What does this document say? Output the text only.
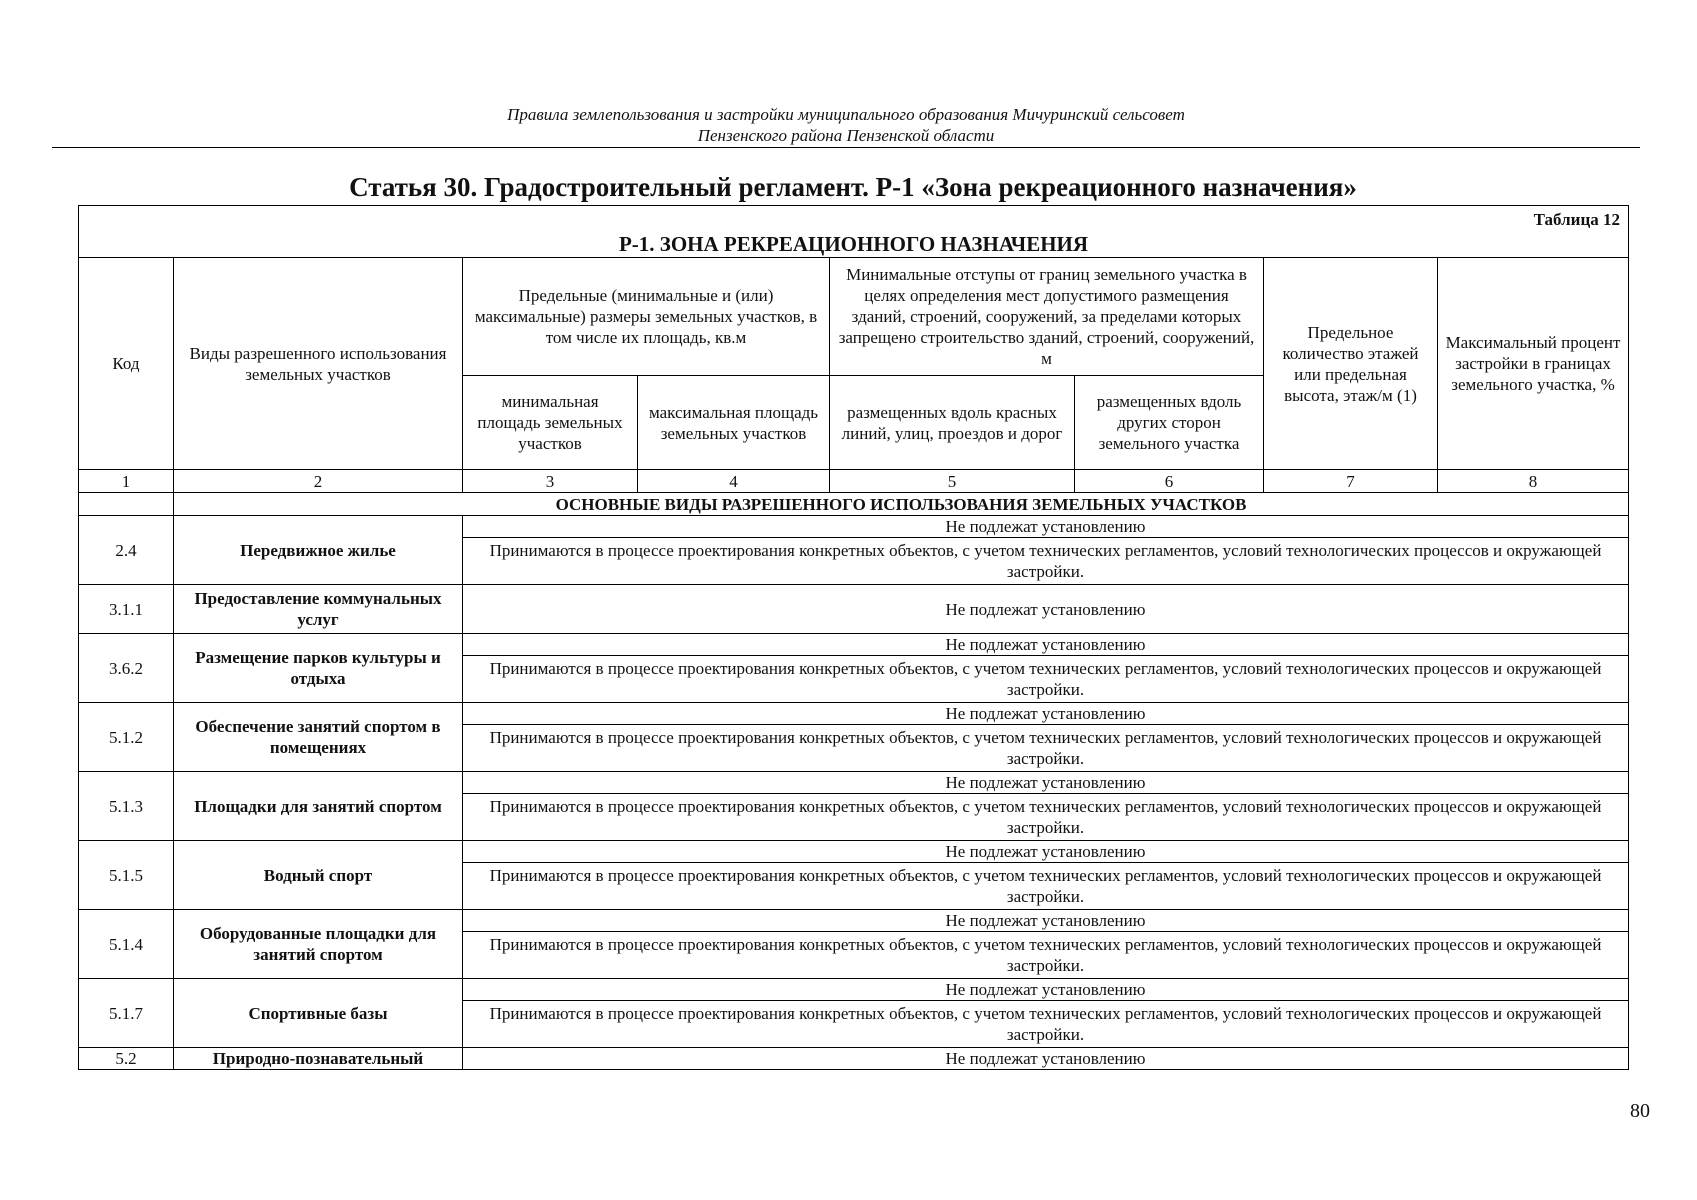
Правила землепользования и застройки муниципального образования Мичуринский сельсовет
Пензенского района Пензенской области
Статья 30. Градостроительный регламент. Р-1 «Зона рекреационного назначения»
Таблица 12
Р-1. ЗОНА РЕКРЕАЦИОННОГО НАЗНАЧЕНИЯ							

Код	Виды разрешенного использования земельных участков	Предельные (минимальные и (или) максимальные) размеры земельных участков, в том числе их площадь, кв.м		Минимальные отступы от границ земельного участка в целях определения мест допустимого размещения зданий, строений, сооружений, за пределами которых запрещено строительство зданий, строений, сооружений, м		Предельное количество этажей или предельная высота, этаж/м (1)	Максимальный процент застройки в границах земельного участка, %
		минимальная площадь земельных участков	максимальная площадь земельных участков	размещенных вдоль красных линий, улиц, проездов и дорог	размещенных вдоль других сторон земельного участка		
1	2	3	4	5	6	7	8
	ОСНОВНЫЕ ВИДЫ РАЗРЕШЕННОГО ИСПОЛЬЗОВАНИЯ ЗЕМЕЛЬНЫХ УЧАСТКОВ						
2.4	Передвижное жилье	Не подлежат установлению					
		Принимаются в процессе проектирования конкретных объектов, с учетом технических регламентов, условий технологических процессов и окружающей застройки.					
3.1.1	Предоставление коммунальных услуг	Не подлежат установлению					
3.6.2	Размещение парков культуры и отдыха	Не подлежат установлению					
		Принимаются в процессе проектирования конкретных объектов, с учетом технических регламентов, условий технологических процессов и окружающей застройки.					
5.1.2	Обеспечение занятий спортом в помещениях	Не подлежат установлению					
		Принимаются в процессе проектирования конкретных объектов, с учетом технических регламентов, условий технологических процессов и окружающей застройки.					
5.1.3	Площадки для занятий спортом	Не подлежат установлению					
		Принимаются в процессе проектирования конкретных объектов, с учетом технических регламентов, условий технологических процессов и окружающей застройки.					
5.1.5	Водный спорт	Не подлежат установлению					
		Принимаются в процессе проектирования конкретных объектов, с учетом технических регламентов, условий технологических процессов и окружающей застройки.					
5.1.4	Оборудованные площадки для занятий спортом	Не подлежат установлению					
		Принимаются в процессе проектирования конкретных объектов, с учетом технических регламентов, условий технологических процессов и окружающей застройки.					
5.1.7	Спортивные базы	Не подлежат установлению					
		Принимаются в процессе проектирования конкретных объектов, с учетом технических регламентов, условий технологических процессов и окружающей застройки.					
5.2	Природно-познавательный	Не подлежат установлению					
80
